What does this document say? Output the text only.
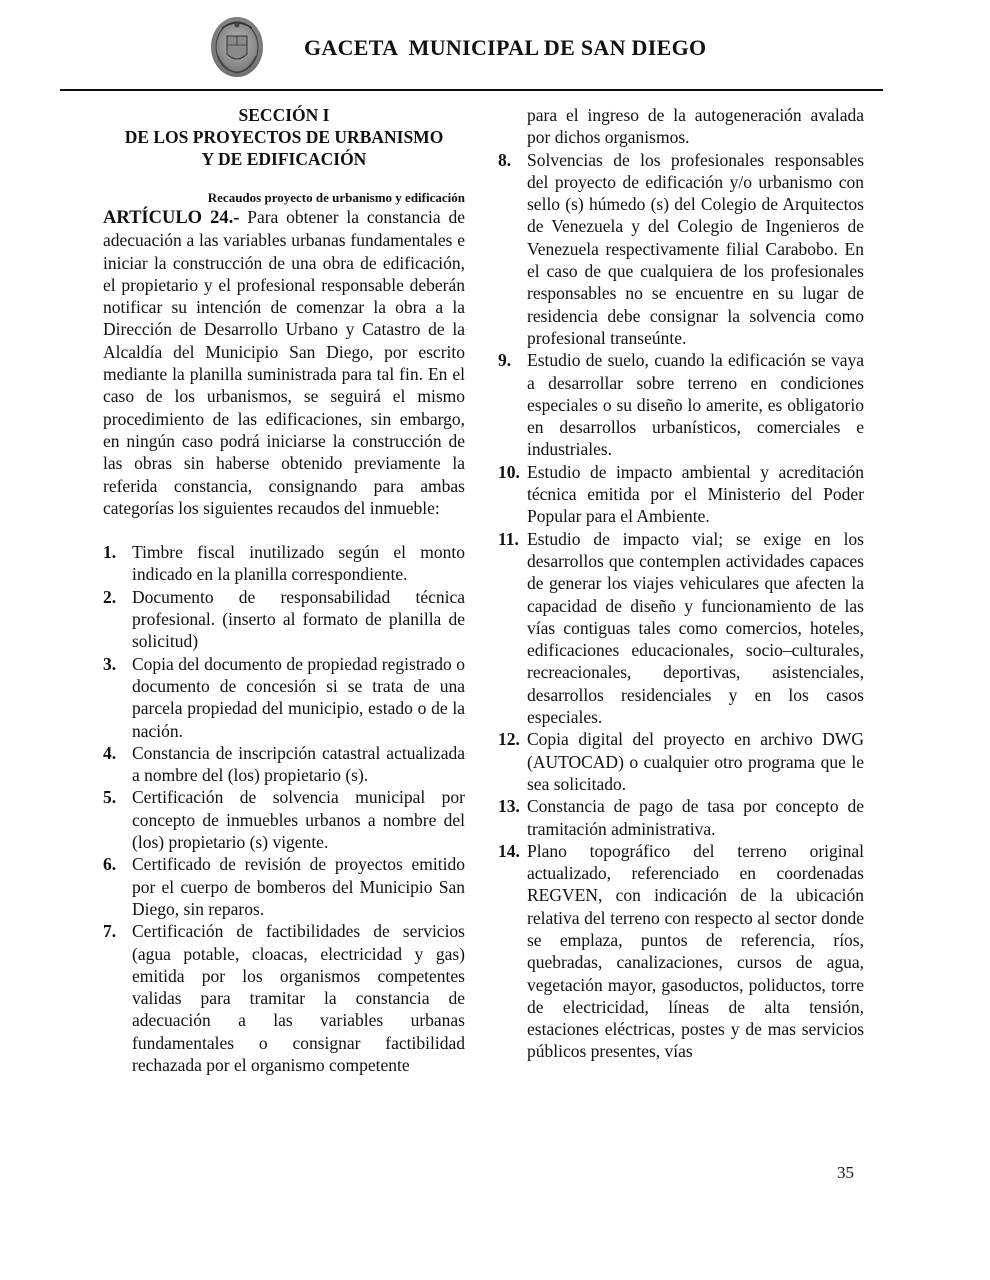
GACETA  MUNICIPAL DE SAN DIEGO
SECCIÓN I
DE LOS PROYECTOS DE URBANISMO
Y DE EDIFICACIÓN
Recaudos proyecto de urbanismo y edificación

ARTÍCULO 24.- Para obtener la constancia de adecuación a las variables urbanas fundamentales e iniciar la construcción de una obra de edificación, el propietario y el profesional responsable deberán notificar su intención de comenzar la obra a la Dirección de Desarrollo Urbano y Catastro de la Alcaldía del Municipio San Diego, por escrito mediante la planilla suministrada para tal fin. En el caso de los urbanismos, se seguirá el mismo procedimiento de las edificaciones, sin embargo, en ningún caso podrá iniciarse la construcción de las obras sin haberse obtenido previamente la referida constancia, consignando para ambas categorías los siguientes recaudos del inmueble:

1. Timbre fiscal inutilizado según el monto indicado en la planilla correspondiente.
2. Documento de responsabilidad técnica profesional. (inserto al formato de planilla de solicitud)
3. Copia del documento de propiedad registrado o documento de concesión si se trata de una parcela propiedad del municipio, estado o de la nación.
4. Constancia de inscripción catastral actualizada a nombre del (los) propietario (s).
5. Certificación de solvencia municipal por concepto de inmuebles urbanos a nombre del (los) propietario (s) vigente.
6. Certificado de revisión de proyectos emitido por el cuerpo de bomberos del Municipio San Diego, sin reparos.
7. Certificación de factibilidades de servicios (agua potable, cloacas, electricidad y gas) emitida por los organismos competentes validas para tramitar la constancia de adecuación a las variables urbanas fundamentales o consignar factibilidad rechazada por el organismo competente
para el ingreso de la autogeneración avalada por dichos organismos.
8. Solvencias de los profesionales responsables del proyecto de edificación y/o urbanismo con sello (s) húmedo (s) del Colegio de Arquitectos de Venezuela y del Colegio de Ingenieros de Venezuela respectivamente filial Carabobo. En el caso de que cualquiera de los profesionales responsables no se encuentre en su lugar de residencia debe consignar la solvencia como profesional transeúnte.
9. Estudio de suelo, cuando la edificación se vaya a desarrollar sobre terreno en condiciones especiales o su diseño lo amerite, es obligatorio en desarrollos urbanísticos, comerciales e industriales.
10. Estudio de impacto ambiental y acreditación técnica emitida por el Ministerio del Poder Popular para el Ambiente.
11. Estudio de impacto vial; se exige en los desarrollos que contemplen actividades capaces de generar los viajes vehiculares que afecten la capacidad de diseño y funcionamiento de las vías contiguas tales como comercios, hoteles, edificaciones educacionales, socio–culturales, recreacionales, deportivas, asistenciales, desarrollos residenciales y en los casos especiales.
12. Copia digital del proyecto en archivo DWG (AUTOCAD) o cualquier otro programa que le sea solicitado.
13. Constancia de pago de tasa por concepto de tramitación administrativa.
14. Plano topográfico del terreno original actualizado, referenciado en coordenadas REGVEN, con indicación de la ubicación relativa del terreno con respecto al sector donde se emplaza, puntos de referencia, ríos, quebradas, canalizaciones, cursos de agua, vegetación mayor, gasoductos, poliductos, torre de electricidad, líneas de alta tensión, estaciones eléctricas, postes y de mas servicios públicos presentes, vías
35
